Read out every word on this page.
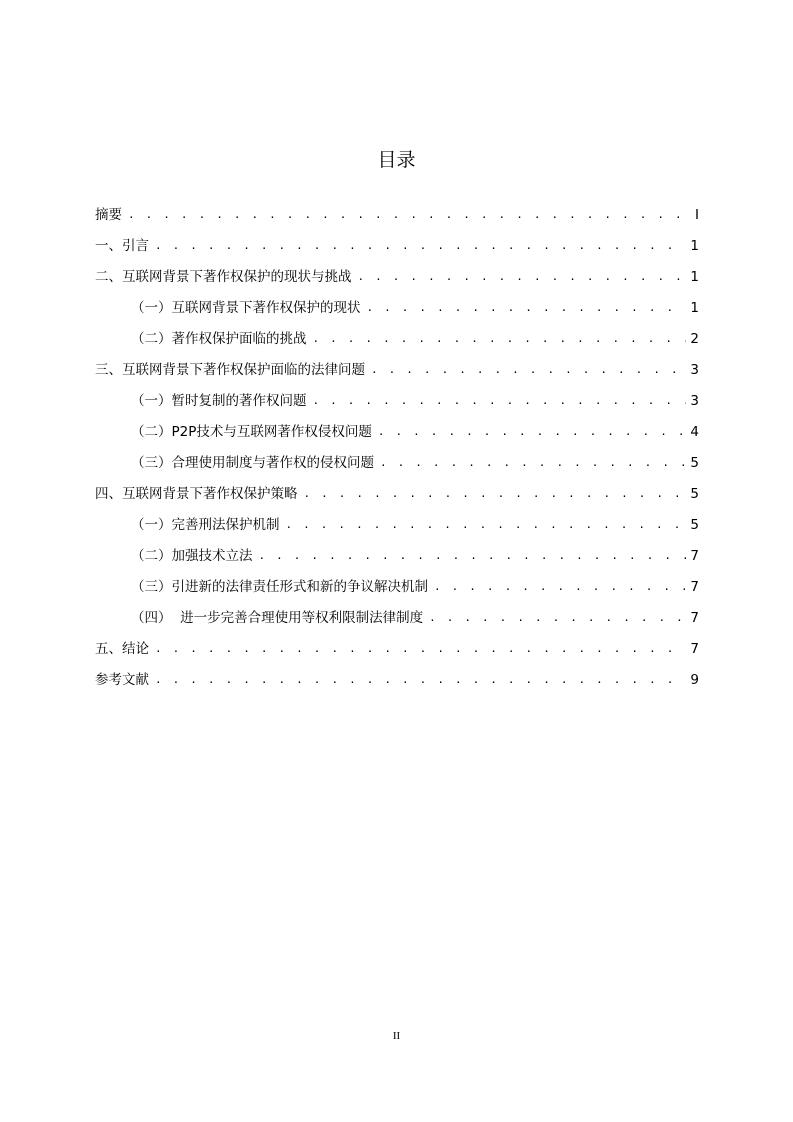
目录
摘要 . . .	I
一、引言 . . .	1
二、互联网背景下著作权保护的现状与挑战 . . .	1
（一）互联网背景下著作权保护的现状 . . .	1
（二）著作权保护面临的挑战 . . .	2
三、互联网背景下著作权保护面临的法律问题 . . .	3
（一）暂时复制的著作权问题 . . .	3
（二）P2P技术与互联网著作权侵权问题 . . .	4
（三）合理使用制度与著作权的侵权问题 . . .	5
四、互联网背景下著作权保护策略 . . .	5
（一）完善刑法保护机制 . . .	5
（二）加强技术立法 . . .	7
（三）引进新的法律责任形式和新的争议解决机制 . . .	7
（四）  进一步完善合理使用等权利限制法律制度 . . .	7
五、结论 . . .	7
参考文献 . . .	9
II
